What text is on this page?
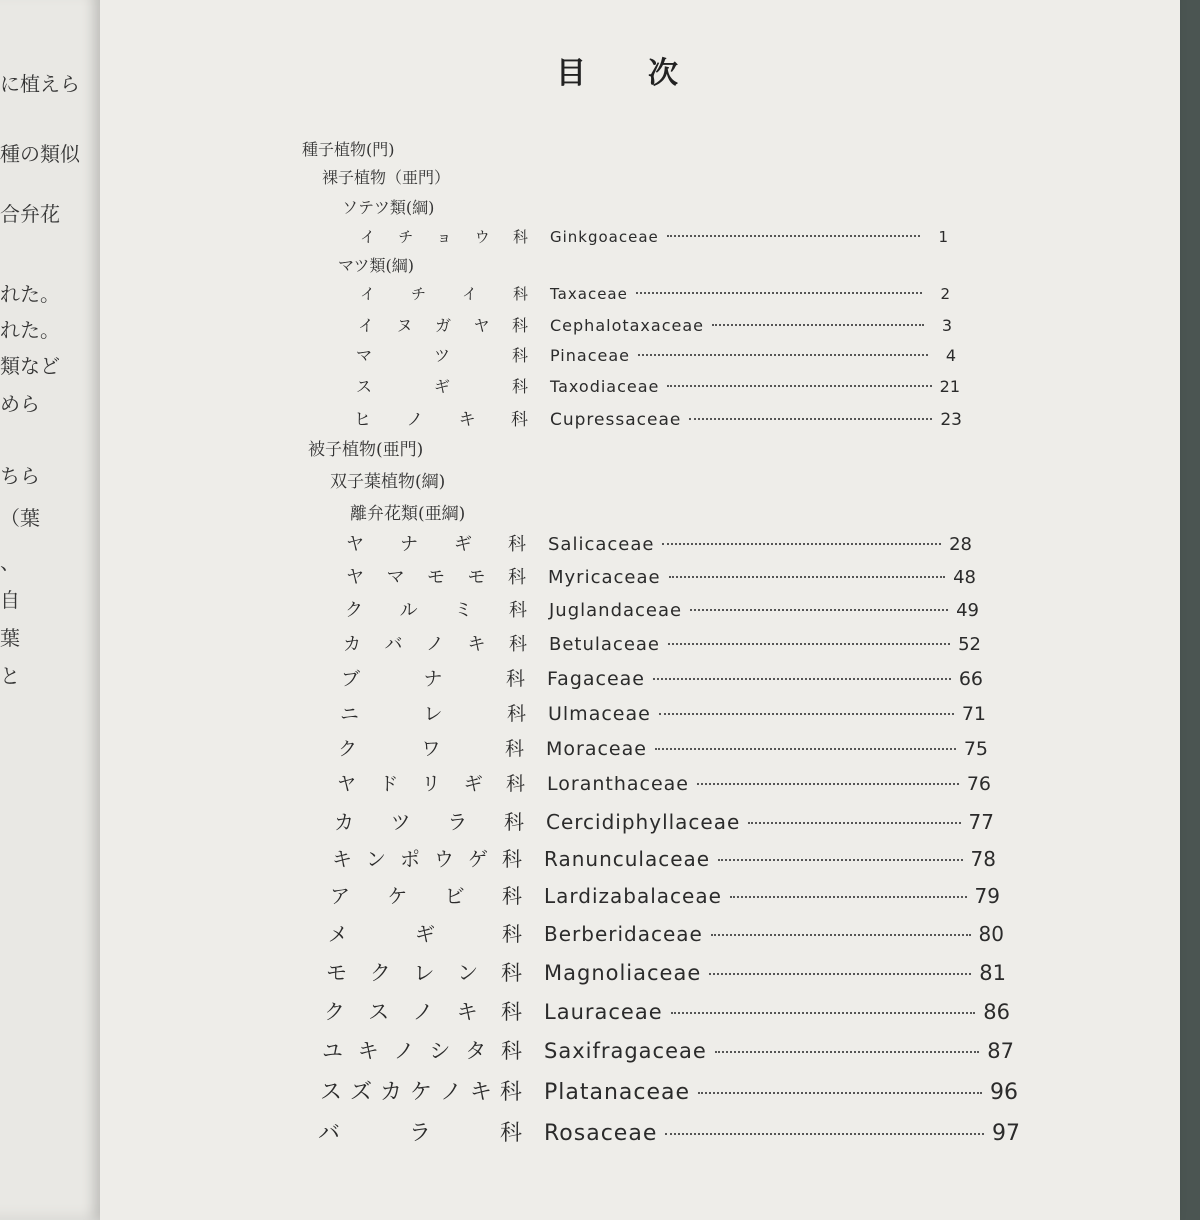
に植えら
種の類似
合弁花
れた。
れた。
類など
めら
ちら
（葉
、
自
葉
と
目次
種子植物(門)
裸子植物（亜門）
ソテツ類(綱)
マツ類(綱)
被子植物(亜門)
双子葉植物(綱)
離弁花類(亜綱)
イ チ ョ ウ 科	Ginkgoaceae	1
イ チ イ 科	Taxaceae	2
イ ヌ ガ ヤ 科	Cephalotaxaceae	3
マ	ツ	科	Pinaceae	4
ス	ギ	科	Taxodiaceae	21
ヒ ノ キ 科	Cupressaceae	23
ヤ ナ ギ 科	Salicaceae	28
ヤ マ モ モ 科	Myricaceae	48
ク ル ミ 科	Juglandaceae	49
カ バ ノ キ 科	Betulaceae	52
ブ	ナ	科	Fagaceae	66
ニ	レ	科	Ulmaceae	71
ク	ワ	科	Moraceae	75
ヤ ド リ ギ 科	Loranthaceae	76
カ ツ ラ 科	Cercidiphyllaceae	77
キ ン ポ ウ ゲ 科	Ranunculaceae	78
ア ケ ビ 科	Lardizabalaceae	79
メ	ギ	科	Berberidaceae	80
モ ク レ ン 科	Magnoliaceae	81
ク ス ノ キ 科	Lauraceae	86
ユ キ ノ シ タ 科	Saxifragaceae	87
ス ズ カ ケ ノ キ 科	Platanaceae	96
バ	ラ	科	Rosaceae	97
